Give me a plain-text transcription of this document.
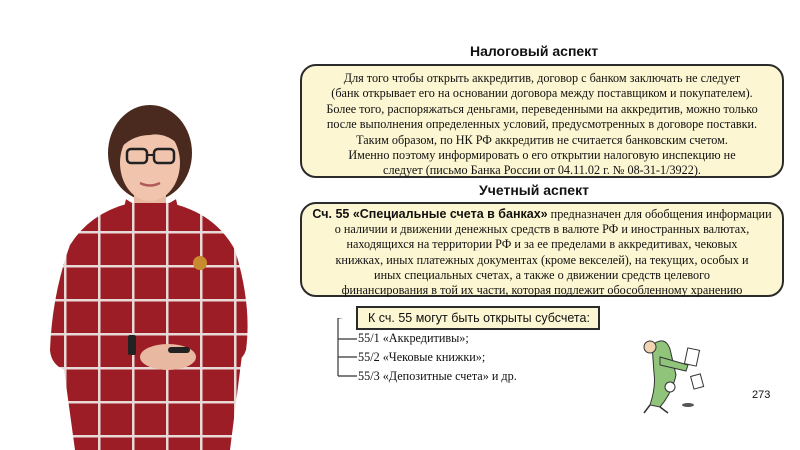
Налоговый аспект
Для того чтобы открыть аккредитив, договор с банком заключать не следует
(банк открывает его на основании договора между поставщиком и покупателем).
Более того, распоряжаться деньгами, переведенными на аккредитив, можно только
после выполнения определенных условий, предусмотренных в договоре поставки.
Таким образом, по НК РФ аккредитив не считается банковским счетом.
Именно поэтому информировать о его открытии налоговую инспекцию не
следует (письмо Банка России от 04.11.02 г. № 08-31-1/3922).
Учетный аспект
Сч. 55 «Специальные счета в банках» предназначен для обобщения информации
о наличии и движении денежных средств в валюте РФ и иностранных валютах,
находящихся на территории РФ и за ее пределами в аккредитивах, чековых
книжках, иных платежных документах (кроме векселей), на текущих, особых и
иных специальных счетах, а также о движении средств целевого
финансирования в той их части, которая подлежит обособленному хранению
К сч. 55 могут быть открыты субсчета:
55/1 «Аккредитивы»;
55/2 «Чековые книжки»;
55/3 «Депозитные счета» и др.
273
